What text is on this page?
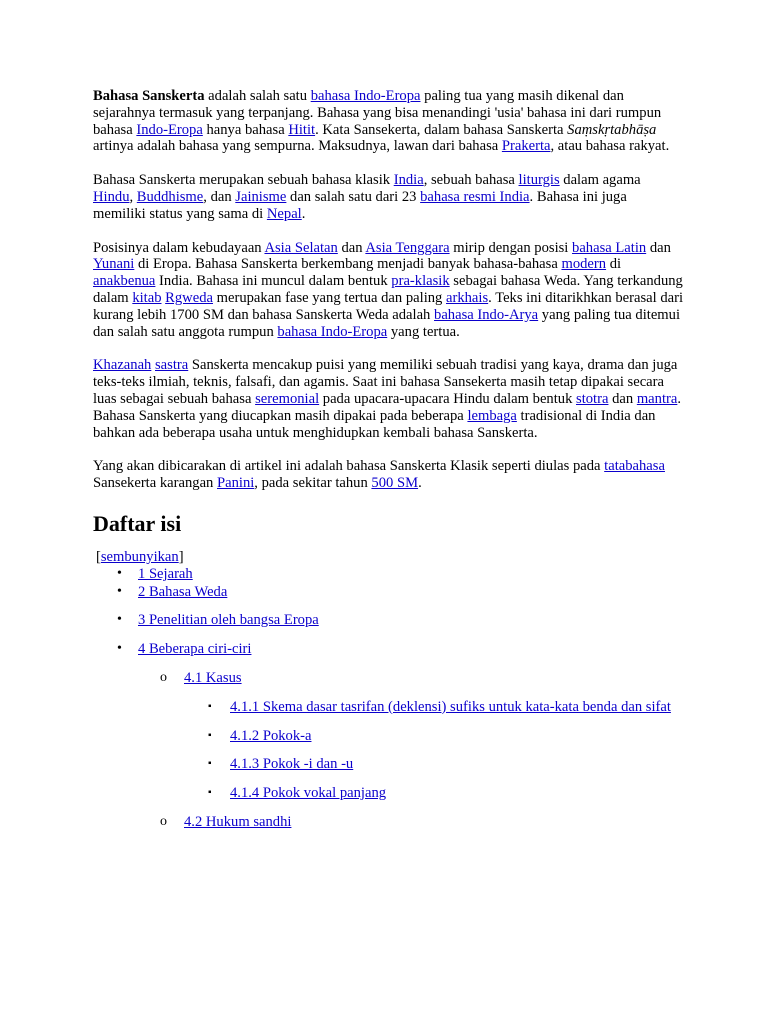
Bahasa Sanskerta adalah salah satu bahasa Indo-Eropa paling tua yang masih dikenal dan sejarahnya termasuk yang terpanjang. Bahasa yang bisa menandingi 'usia' bahasa ini dari rumpun bahasa Indo-Eropa hanya bahasa Hitit. Kata Sansekerta, dalam bahasa Sanskerta Saṃskṛtabhāṣa artinya adalah bahasa yang sempurna. Maksudnya, lawan dari bahasa Prakerta, atau bahasa rakyat.

Bahasa Sanskerta merupakan sebuah bahasa klasik India, sebuah bahasa liturgis dalam agama Hindu, Buddhisme, dan Jainisme dan salah satu dari 23 bahasa resmi India. Bahasa ini juga memiliki status yang sama di Nepal.

Posisinya dalam kebudayaan Asia Selatan dan Asia Tenggara mirip dengan posisi bahasa Latin dan Yunani di Eropa. Bahasa Sanskerta berkembang menjadi banyak bahasa-bahasa modern di anakbenua India. Bahasa ini muncul dalam bentuk pra-klasik sebagai bahasa Weda. Yang terkandung dalam kitab Rgweda merupakan fase yang tertua dan paling arkhais. Teks ini ditarikhkan berasal dari kurang lebih 1700 SM dan bahasa Sanskerta Weda adalah bahasa Indo-Arya yang paling tua ditemui dan salah satu anggota rumpun bahasa Indo-Eropa yang tertua.

Khazanah sastra Sanskerta mencakup puisi yang memiliki sebuah tradisi yang kaya, drama dan juga teks-teks ilmiah, teknis, falsafi, dan agamis. Saat ini bahasa Sansekerta masih tetap dipakai secara luas sebagai sebuah bahasa seremonial pada upacara-upacara Hindu dalam bentuk stotra dan mantra. Bahasa Sanskerta yang diucapkan masih dipakai pada beberapa lembaga tradisional di India dan bahkan ada beberapa usaha untuk menghidupkan kembali bahasa Sanskerta.

Yang akan dibicarakan di artikel ini adalah bahasa Sanskerta Klasik seperti diulas pada tatabahasa Sansekerta karangan Panini, pada sekitar tahun 500 SM.

Daftar isi
[sembunyikan]
• 1 Sejarah
• 2 Bahasa Weda
• 3 Penelitian oleh bangsa Eropa
• 4 Beberapa ciri-ciri
o 4.1 Kasus
▪ 4.1.1 Skema dasar tasrifan (deklensi) sufiks untuk kata-kata benda dan sifat
▪ 4.1.2 Pokok-a
▪ 4.1.3 Pokok -i dan -u
▪ 4.1.4 Pokok vokal panjang
o 4.2 Hukum sandhi
